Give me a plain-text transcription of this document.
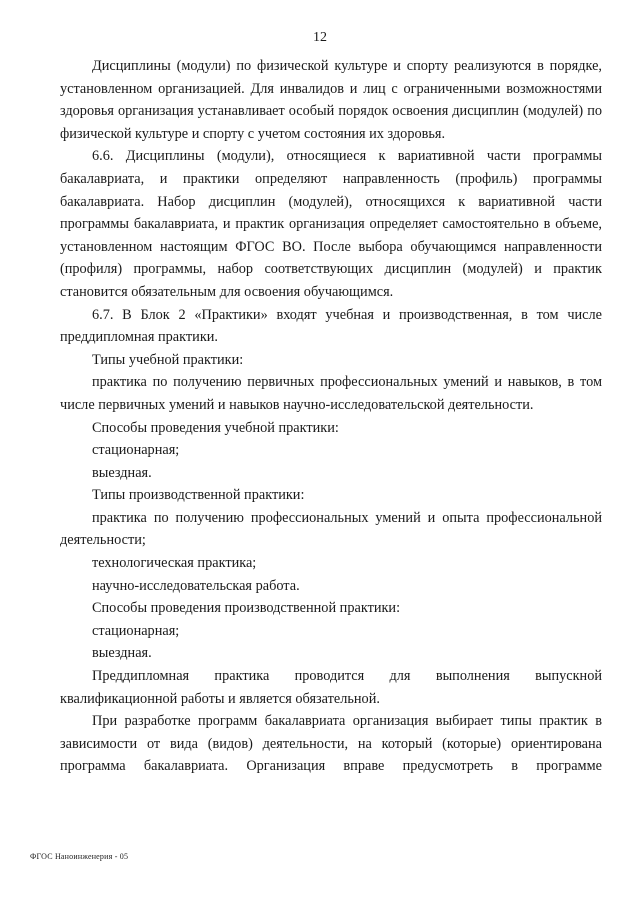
12

Дисциплины (модули) по физической культуре и спорту реализуются в порядке, установленном организацией. Для инвалидов и лиц с ограниченными возможностями здоровья организация устанавливает особый порядок освоения дисциплин (модулей) по физической культуре и спорту с учетом состояния их здоровья.

6.6. Дисциплины (модули), относящиеся к вариативной части программы бакалавриата, и практики определяют направленность (профиль) программы бакалавриата. Набор дисциплин (модулей), относящихся к вариативной части программы бакалавриата, и практик организация определяет самостоятельно в объеме, установленном настоящим ФГОС ВО. После выбора обучающимся направленности (профиля) программы, набор соответствующих дисциплин (модулей) и практик становится обязательным для освоения обучающимся.

6.7. В Блок 2 «Практики» входят учебная и производственная, в том числе преддипломная практики.

Типы учебной практики:

практика по получению первичных профессиональных умений и навыков, в том числе первичных умений и навыков научно-исследовательской деятельности.

Способы проведения учебной практики:

стационарная;

выездная.

Типы производственной практики:

практика по получению профессиональных умений и опыта профессиональной деятельности;

технологическая практика;

научно-исследовательская работа.

Способы проведения производственной практики:

стационарная;

выездная.

Преддипломная практика проводится для выполнения выпускной квалификационной работы и является обязательной.

При разработке программ бакалавриата организация выбирает типы практик в зависимости от вида (видов) деятельности, на который (которые) ориентирована программа бакалавриата. Организация вправе предусмотреть в программе

ФГОС Наноинженерия - 05
